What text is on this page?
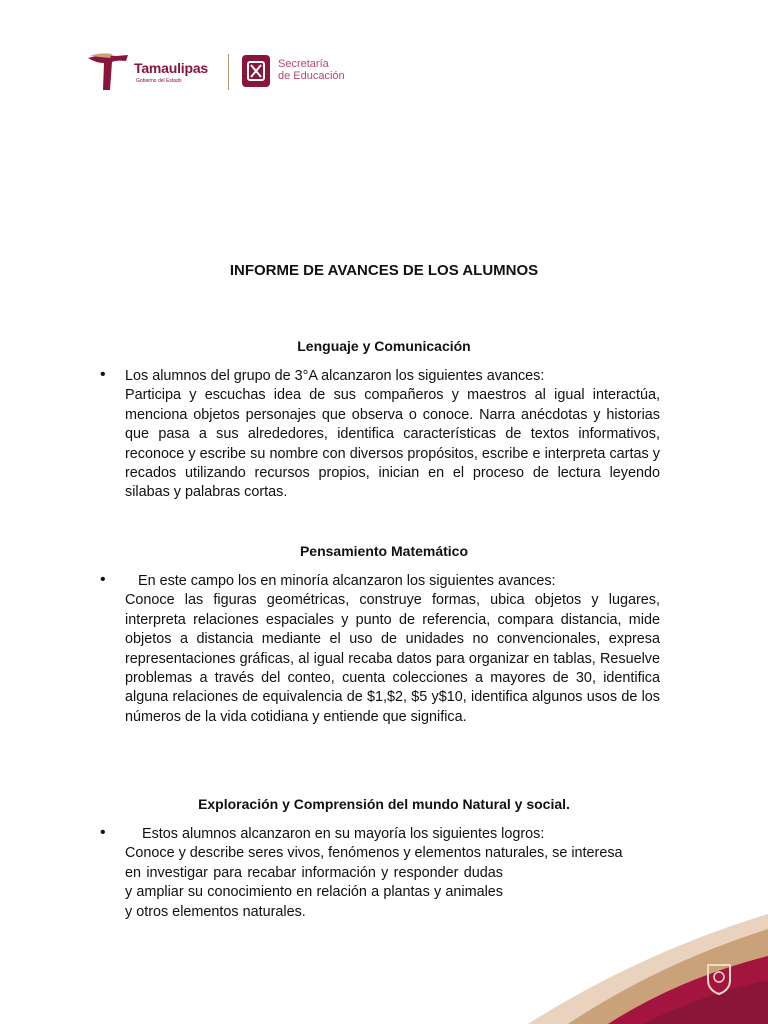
Tamaulipas
Gobierno del Estado
Secretaría
de Educación
INFORME DE AVANCES DE LOS ALUMNOS
Lenguaje y Comunicación
• Los alumnos del grupo de 3°A alcanzaron los siguientes avances:
Participa y escuchas idea de sus compañeros y maestros al igual interactúa, menciona objetos personajes que observa o conoce. Narra anécdotas y historias que pasa a sus alrededores, identifica características de textos informativos, reconoce y escribe su nombre con diversos propósitos, escribe e interpreta cartas y recados utilizando recursos propios, inician en el proceso de lectura leyendo silabas y palabras cortas.
Pensamiento Matemático
•	En este campo los en minoría alcanzaron los siguientes avances:
Conoce las figuras geométricas, construye formas, ubica objetos y lugares, interpreta relaciones espaciales y punto de referencia, compara distancia, mide objetos a distancia mediante el uso de unidades no convencionales, expresa representaciones gráficas, al igual recaba datos para organizar en tablas, Resuelve problemas a través del conteo, cuenta colecciones a mayores de 30, identifica alguna relaciones de equivalencia de $1,$2, $5 y$10, identifica algunos usos de los números de la vida cotidiana y entiende que significa.
Exploración y Comprensión del mundo Natural y social.
•	Estos alumnos alcanzaron en su mayoría los siguientes logros:
Conoce y describe seres vivos, fenómenos y elementos naturales, se interesa
en investigar para recabar información y responder dudas y ampliar su conocimiento en relación a plantas y animales y otros elementos naturales.
